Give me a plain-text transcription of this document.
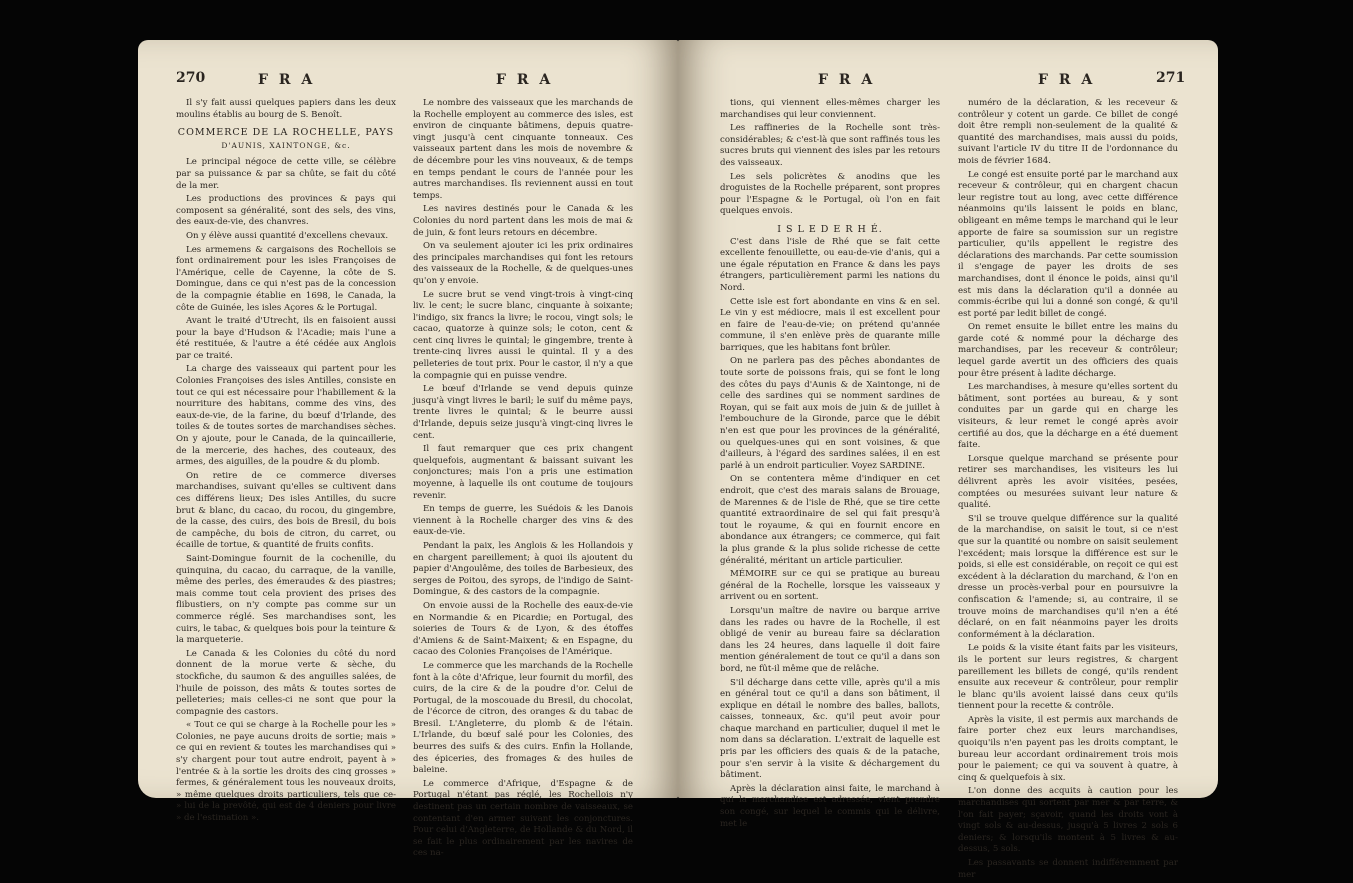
270	F R A	F R A

Il s'y fait aussi quelques papiers dans les deux moulins établis au bourg de S. Benoît.

COMMERCE DE LA ROCHELLE, PAYS
D'AUNIS, XAINTONGE, &c.

Le principal négoce de cette ville, se célèbre par sa puissance & par sa chûte, se fait du côté de la mer.

Les productions des provinces & pays qui composent sa généralité, sont des sels, des vins, des eaux-de-vie, des chanvres.

On y élève aussi quantité d'excellens chevaux.

Les armemens & cargaisons des Rochellois se font ordinairement pour les isles Françoises de l'Amérique, celle de Cayenne, la côte de S. Domingue, dans ce qui n'est pas de la concession de la compagnie établie en 1698, le Canada, la côte de Guinée, les isles Açores & le Portugal.

Avant le traité d'Utrecht, ils en faisoient aussi pour la baye d'Hudson & l'Acadie; mais l'une a été restituée, & l'autre a été cédée aux Anglois par ce traité.

La charge des vaisseaux qui partent pour les Colonies Françoises des isles Antilles, consiste en tout ce qui est nécessaire pour l'habillement & la nourriture des habitans, comme des vins, des eaux-de-vie, de la farine, du bœuf d'Irlande, des toiles & de toutes sortes de marchandises sèches. On y ajoute, pour le Canada, de la quincaillerie, de la mercerie, des haches, des couteaux, des armes, des aiguilles, de la poudre & du plomb.

On retire de ce commerce diverses marchandises, suivant qu'elles se cultivent dans ces différens lieux; Des isles Antilles, du sucre brut & blanc, du cacao, du rocou, du gingembre, de la casse, des cuirs, des bois de Bresil, du bois de campêche, du bois de citron, du carret, ou écaille de tortue, & quantité de fruits confits.

Saint-Domingue fournit de la cochenille, du quinquina, du cacao, du carraque, de la vanille, même des perles, des émeraudes & des piastres; mais comme tout cela provient des prises des flibustiers, on n'y compte pas comme sur un commerce réglé. Ses marchandises sont, les cuirs, le tabac, & quelques bois pour la teinture & la marqueterie.

Le Canada & les Colonies du côté du nord donnent de la morue verte & sèche, du stockfiche, du saumon & des anguilles salées, de l'huile de poisson, des mâts & toutes sortes de pelleteries; mais celles-ci ne sont que pour la compagnie des castors.

« Tout ce qui se charge à la Rochelle pour les » Colonies, ne paye aucuns droits de sortie; mais » ce qui en revient & toutes les marchandises qui » s'y chargent pour tout autre endroit, payent à » l'entrée & à la sortie les droits des cinq grosses » fermes, & généralement tous les nouveaux droits, » même quelques droits particuliers, tels que ce- » lui de la prevôté, qui est de 4 deniers pour livre » de l'estimation ».

Le nombre des vaisseaux que les marchands de la Rochelle employent au commerce des isles, est environ de cinquante bâtimens, depuis quatre-vingt jusqu'à cent cinquante tonneaux. Ces vaisseaux partent dans les mois de novembre & de décembre pour les vins nouveaux, & de temps en temps pendant le cours de l'année pour les autres marchandises. Ils reviennent aussi en tout temps.

Les navires destinés pour le Canada & les Colonies du nord partent dans les mois de mai & de juin, & font leurs retours en décembre.

On va seulement ajouter ici les prix ordinaires des principales marchandises qui font les retours des vaisseaux de la Rochelle, & de quelques-unes qu'on y envoie.

Le sucre brut se vend vingt-trois à vingt-cinq liv. le cent; le sucre blanc, cinquante à soixante; l'indigo, six francs la livre; le rocou, vingt sols; le cacao, quatorze à quinze sols; le coton, cent & cent cinq livres le quintal; le gingembre, trente à trente-cinq livres aussi le quintal. Il y a des pelleteries de tout prix. Pour le castor, il n'y a que la compagnie qui en puisse vendre.

Le bœuf d'Irlande se vend depuis quinze jusqu'à vingt livres le baril; le suif du même pays, trente livres le quintal; & le beurre aussi d'Irlande, depuis seize jusqu'à vingt-cinq livres le cent.

Il faut remarquer que ces prix changent quelquefois, augmentant & baissant suivant les conjonctures; mais l'on a pris une estimation moyenne, à laquelle ils ont coutume de toujours revenir.

En temps de guerre, les Suédois & les Danois viennent à la Rochelle charger des vins & des eaux-de-vie.

Pendant la paix, les Anglois & les Hollandois y en chargent pareillement; à quoi ils ajoutent du papier d'Angoulême, des toiles de Barbesieux, des serges de Poitou, des syrops, de l'indigo de Saint-Domingue, & des castors de la compagnie.

On envoie aussi de la Rochelle des eaux-de-vie en Normandie & en Picardie; en Portugal, des soieries de Tours & de Lyon, & des étoffes d'Amiens & de Saint-Maixent; & en Espagne, du cacao des Colonies Françoises de l'Amérique.

Le commerce que les marchands de la Rochelle font à la côte d'Afrique, leur fournit du morfil, des cuirs, de la cire & de la poudre d'or. Celui de Portugal, de la moscouade du Bresil, du chocolat, de l'écorce de citron, des oranges & du tabac de Bresil. L'Angleterre, du plomb & de l'étain. L'Irlande, du bœuf salé pour les Colonies, des beurres des suifs & des cuirs. Enfin la Hollande, des épiceries, des fromages & des huiles de baleine.

Le commerce d'Afrique, d'Espagne & de Portugal n'étant pas réglé, les Rochellois n'y destinent pas un certain nombre de vaisseaux, se contentant d'en armer suivant les conjonctures. Pour celui d'Angleterre, de Hollande & du Nord, il se fait le plus ordinairement par les navires de ces na-

F R A	F R A	271

tions, qui viennent elles-mêmes charger les marchandises qui leur conviennent.

Les raffineries de la Rochelle sont très-considérables; & c'est-là que sont raffinés tous les sucres bruts qui viennent des isles par les retours des vaisseaux.

Les sels policrètes & anodins que les droguistes de la Rochelle préparent, sont propres pour l'Espagne & le Portugal, où l'on en fait quelques envois.

I S L E D E R H É.

C'est dans l'isle de Rhé que se fait cette excellente fenouillette, ou eau-de-vie d'anis, qui a une égale réputation en France & dans les pays étrangers, particulièrement parmi les nations du Nord.

Cette isle est fort abondante en vins & en sel. Le vin y est médiocre, mais il est excellent pour en faire de l'eau-de-vie; on prétend qu'année commune, il s'en enlève près de quarante mille barriques, que les habitans font brûler.

On ne parlera pas des pêches abondantes de toute sorte de poissons frais, qui se font le long des côtes du pays d'Aunis & de Xaintonge, ni de celle des sardines qui se nomment sardines de Royan, qui se fait aux mois de juin & de juillet à l'embouchure de la Gironde, parce que le débit n'en est que pour les provinces de la généralité, ou quelques-unes qui en sont voisines, & que d'ailleurs, à l'égard des sardines salées, il en est parlé à un endroit particulier. Voyez SARDINE.

On se contentera même d'indiquer en cet endroit, que c'est des marais salans de Brouage, de Marennes & de l'isle de Rhé, que se tire cette quantité extraordinaire de sel qui fait presqu'à tout le royaume, & qui en fournit encore en abondance aux étrangers; ce commerce, qui fait la plus grande & la plus solide richesse de cette généralité, méritant un article particulier.

MÉMOIRE sur ce qui se pratique au bureau général de la Rochelle, lorsque les vaisseaux y arrivent ou en sortent.

Lorsqu'un maître de navire ou barque arrive dans les rades ou havre de la Rochelle, il est obligé de venir au bureau faire sa déclaration dans les 24 heures, dans laquelle il doit faire mention généralement de tout ce qu'il a dans son bord, ne fût-il même que de relâche.

S'il décharge dans cette ville, après qu'il a mis en général tout ce qu'il a dans son bâtiment, il explique en détail le nombre des balles, ballots, caisses, tonneaux, &c. qu'il peut avoir pour chaque marchand en particulier, duquel il met le nom dans sa déclaration. L'extrait de laquelle est pris par les officiers des quais & de la patache, pour s'en servir à la visite & déchargement du bâtiment.

Après la déclaration ainsi faite, le marchand à qui la marchandise est adressée, vient prendre son congé, sur lequel le commis qui le délivre, met le

numéro de la déclaration, & les receveur & contrôleur y cotent un garde. Ce billet de congé doit être rempli non-seulement de la qualité & quantité des marchandises, mais aussi du poids, suivant l'article IV du titre II de l'ordonnance du mois de février 1684.

Le congé est ensuite porté par le marchand aux receveur & contrôleur, qui en chargent chacun leur registre tout au long, avec cette différence néanmoins qu'ils laissent le poids en blanc, obligeant en même temps le marchand qui le leur apporte de faire sa soumission sur un registre particulier, qu'ils appellent le registre des déclarations des marchands. Par cette soumission il s'engage de payer les droits de ses marchandises, dont il énonce le poids, ainsi qu'il est mis dans la déclaration qu'il a donnée au commis-écribe qui lui a donné son congé, & qu'il est porté par ledit billet de congé.

On remet ensuite le billet entre les mains du garde coté & nommé pour la décharge des marchandises, par les receveur & contrôleur; lequel garde avertit un des officiers des quais pour être présent à ladite décharge.

Les marchandises, à mesure qu'elles sortent du bâtiment, sont portées au bureau, & y sont conduites par un garde qui en charge les visiteurs, & leur remet le congé après avoir certifié au dos, que la décharge en a été duement faite.

Lorsque quelque marchand se présente pour retirer ses marchandises, les visiteurs les lui délivrent après les avoir visitées, pesées, comptées ou mesurées suivant leur nature & qualité.

S'il se trouve quelque différence sur la qualité de la marchandise, on saisit le tout, si ce n'est que sur la quantité ou nombre on saisit seulement l'excédent; mais lorsque la différence est sur le poids, si elle est considérable, on reçoit ce qui est excédent à la déclaration du marchand, & l'on en dresse un procès-verbal pour en poursuivre la confiscation & l'amende; si, au contraire, il se trouve moins de marchandises qu'il n'en a été déclaré, on en fait néanmoins payer les droits conformément à la déclaration.

Le poids & la visite étant faits par les visiteurs, ils le portent sur leurs registres, & chargent pareillement les billets de congé, qu'ils rendent ensuite aux receveur & contrôleur, pour remplir le blanc qu'ils avoient laissé dans ceux qu'ils tiennent pour la recette & contrôle.

Après la visite, il est permis aux marchands de faire porter chez eux leurs marchandises, quoiqu'ils n'en payent pas les droits comptant, le bureau leur accordant ordinairement trois mois pour le paiement; ce qui va souvent à quatre, à cinq & quelquefois à six.

L'on donne des acquits à caution pour les marchandises qui sortent par mer & par terre, & l'on fait payer; sçavoir, quand les droits vont à vingt sols & au-dessus, jusqu'à 5 livres 2 sols 6 deniers; & lorsqu'ils montent à 5 livres & au-dessus, 5 sols.

Les passavants se donnent indifféremment par mer
